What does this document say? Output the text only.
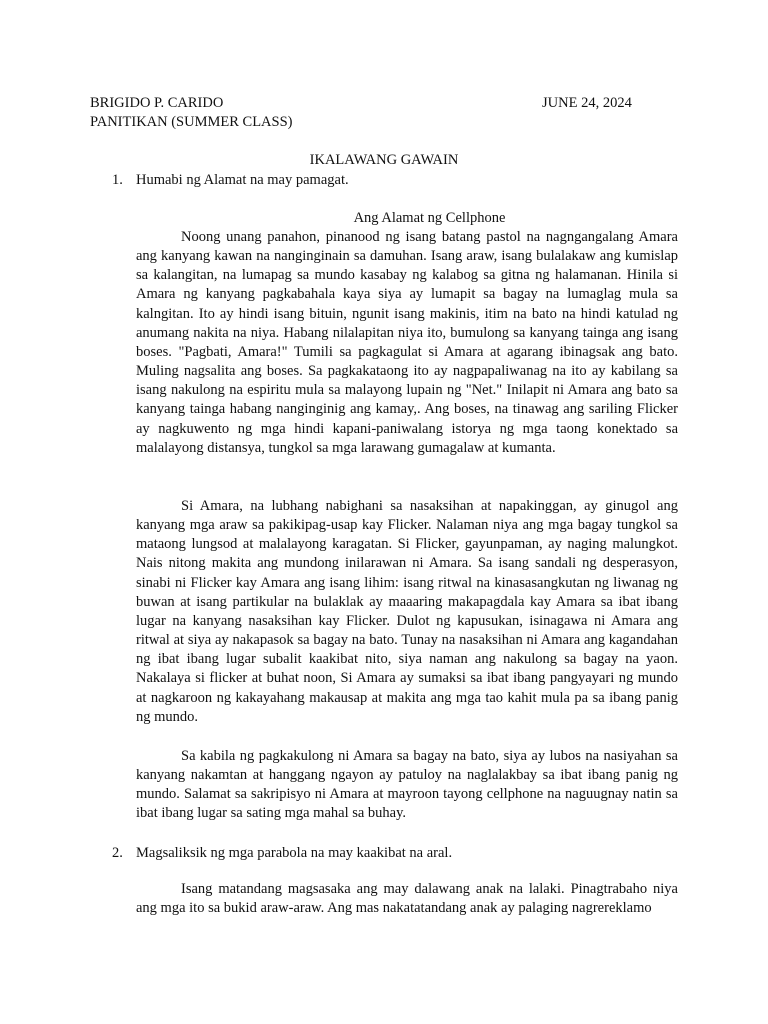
BRIGIDO P. CARIDO
PANITIKAN (SUMMER CLASS)
JUNE 24, 2024
IKALAWANG GAWAIN
1. Humabi ng Alamat na may pamagat.
Ang Alamat ng Cellphone

Noong unang panahon, pinanood ng isang batang pastol na nagngangalang Amara ang kanyang kawan na nanginginain sa damuhan. Isang araw, isang bulalakaw ang kumislap sa kalangitan, na lumapag sa mundo kasabay ng kalabog sa gitna ng halamanan. Hinila si Amara ng kanyang pagkabahala kaya siya ay lumapit sa bagay na lumaglag mula sa kalngitan. Ito ay hindi isang bituin, ngunit isang makinis, itim na bato na hindi katulad ng anumang nakita na niya. Habang nilalapitan niya ito, bumulong sa kanyang tainga ang isang boses. "Pagbati, Amara!" Tumili sa pagkagulat si Amara at agarang ibinagsak ang bato. Muling nagsalita ang boses. Sa pagkakataong ito ay nagpapaliwanag na ito ay kabilang sa isang nakulong na espiritu mula sa malayong lupain ng "Net." Inilapit ni Amara ang bato sa kanyang tainga habang nanginginig ang kamay,. Ang boses, na tinawag ang sariling Flicker ay nagkuwento ng mga hindi kapani-paniwalang istorya ng mga taong konektado sa malalayong distansya, tungkol sa mga larawang gumagalaw at kumanta.

Si Amara, na lubhang nabighani sa nasaksihan at napakinggan, ay ginugol ang kanyang mga araw sa pakikipag-usap kay Flicker. Nalaman niya ang mga bagay tungkol sa mataong lungsod at malalayong karagatan. Si Flicker, gayunpaman, ay naging malungkot. Nais nitong makita ang mundong inilarawan ni Amara. Sa isang sandali ng desperasyon, sinabi ni Flicker kay Amara ang isang lihim: isang ritwal na kinasasangkutan ng liwanag ng buwan at isang partikular na bulaklak ay maaaring makapagdala kay Amara sa ibat ibang lugar na kanyang nasaksihan kay Flicker. Dulot ng kapusukan, isinagawa ni Amara ang ritwal at siya ay nakapasok sa bagay na bato. Tunay na nasaksihan ni Amara ang kagandahan ng ibat ibang lugar subalit kaakibat nito, siya naman ang nakulong sa bagay na yaon. Nakalaya si flicker at buhat noon, Si Amara ay sumaksi sa ibat ibang pangyayari ng mundo at nagkaroon ng kakayahang makausap at makita ang mga tao kahit mula pa sa ibang panig ng mundo.

Sa kabila ng pagkakulong ni Amara sa bagay na bato, siya ay lubos na nasiyahan sa kanyang nakamtan at hanggang ngayon ay patuloy na naglalakbay sa ibat ibang panig ng mundo. Salamat sa sakripisyo ni Amara at mayroon tayong cellphone na naguugnay natin sa ibat ibang lugar sa sating mga mahal sa buhay.

2. Magsaliksik ng mga parabola na may kaakibat na aral.

Isang matandang magsasaka ang may dalawang anak na lalaki. Pinagtrabaho niya ang mga ito sa bukid araw-araw. Ang mas nakatatandang anak ay palaging nagrereklamo
